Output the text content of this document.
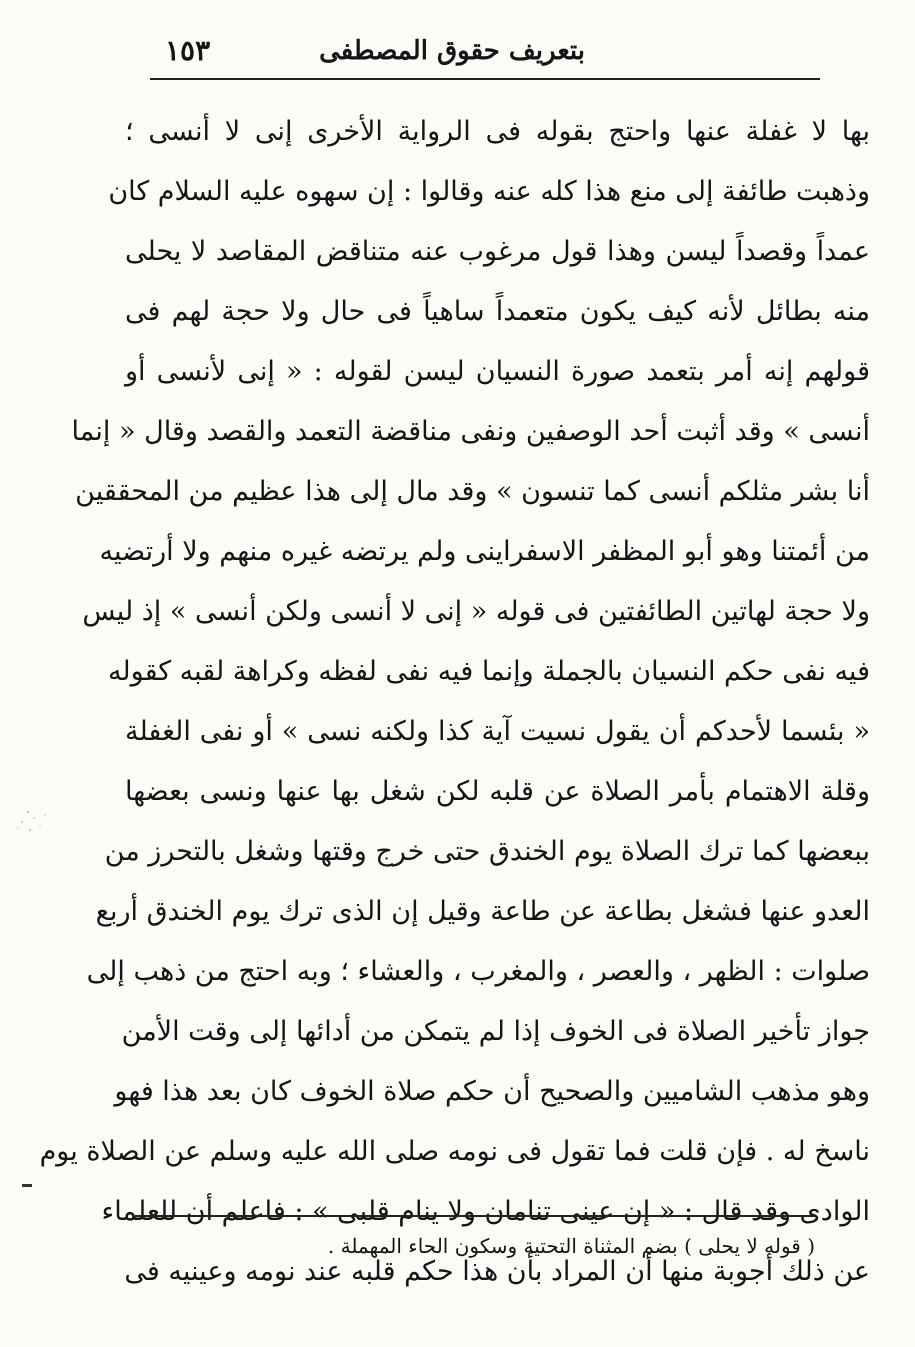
١٥٣	بتعريف حقوق المصطفى
بها لا غفلة عنها واحتج بقوله فى الرواية الأخرى إنى لا أنسى ؛
وذهبت طائفة إلى منع هذا كله عنه وقالوا : إن سهوه عليه السلام كان
عمداً وقصداً ليسن وهذا قول مرغوب عنه متناقض المقاصد لا يحلى
منه بطائل لأنه كيف يكون متعمداً ساهياً فى حال ولا حجة لهم فى
قولهم إنه أمر بتعمد صورة النسيان ليسن لقوله : « إنى لأنسى أو
أنسى » وقد أثبت أحد الوصفين ونفى مناقضة التعمد والقصد وقال « إنما
أنا بشر مثلكم أنسى كما تنسون » وقد مال إلى هذا عظيم من المحققين
من أئمتنا وهو أبو المظفر الاسفراينى ولم يرتضه غيره منهم ولا أرتضيه
ولا حجة لهاتين الطائفتين فى قوله « إنى لا أنسى ولكن أنسى » إذ ليس
فيه نفى حكم النسيان بالجملة وإنما فيه نفى لفظه وكراهة لقبه كقوله
« بئسما لأحدكم أن يقول نسيت آية كذا ولكنه نسى » أو نفى الغفلة
وقلة الاهتمام بأمر الصلاة عن قلبه لكن شغل بها عنها ونسى بعضها
ببعضها كما ترك الصلاة يوم الخندق حتى خرج وقتها وشغل بالتحرز من
العدو عنها فشغل بطاعة عن طاعة وقيل إن الذى ترك يوم الخندق أربع
صلوات : الظهر ، والعصر ، والمغرب ، والعشاء ؛ وبه احتج من ذهب إلى
جواز تأخير الصلاة فى الخوف إذا لم يتمكن من أدائها إلى وقت الأمن
وهو مذهب الشاميين والصحيح أن حكم صلاة الخوف كان بعد هذا فهو
ناسخ له . فإن قلت فما تقول فى نومه صلى الله عليه وسلم عن الصلاة يوم
الوادى وقد قال : « إن عينى تنامان ولا ينام قلبى » : فاعلم أن للعلماء
عن ذلك أجوبة منها أن المراد بأن هذا حكم قلبه عند نومه وعينيه فى
( قوله لا يحلى ) بضم المثناة التحتية وسكون الحاء المهملة .
